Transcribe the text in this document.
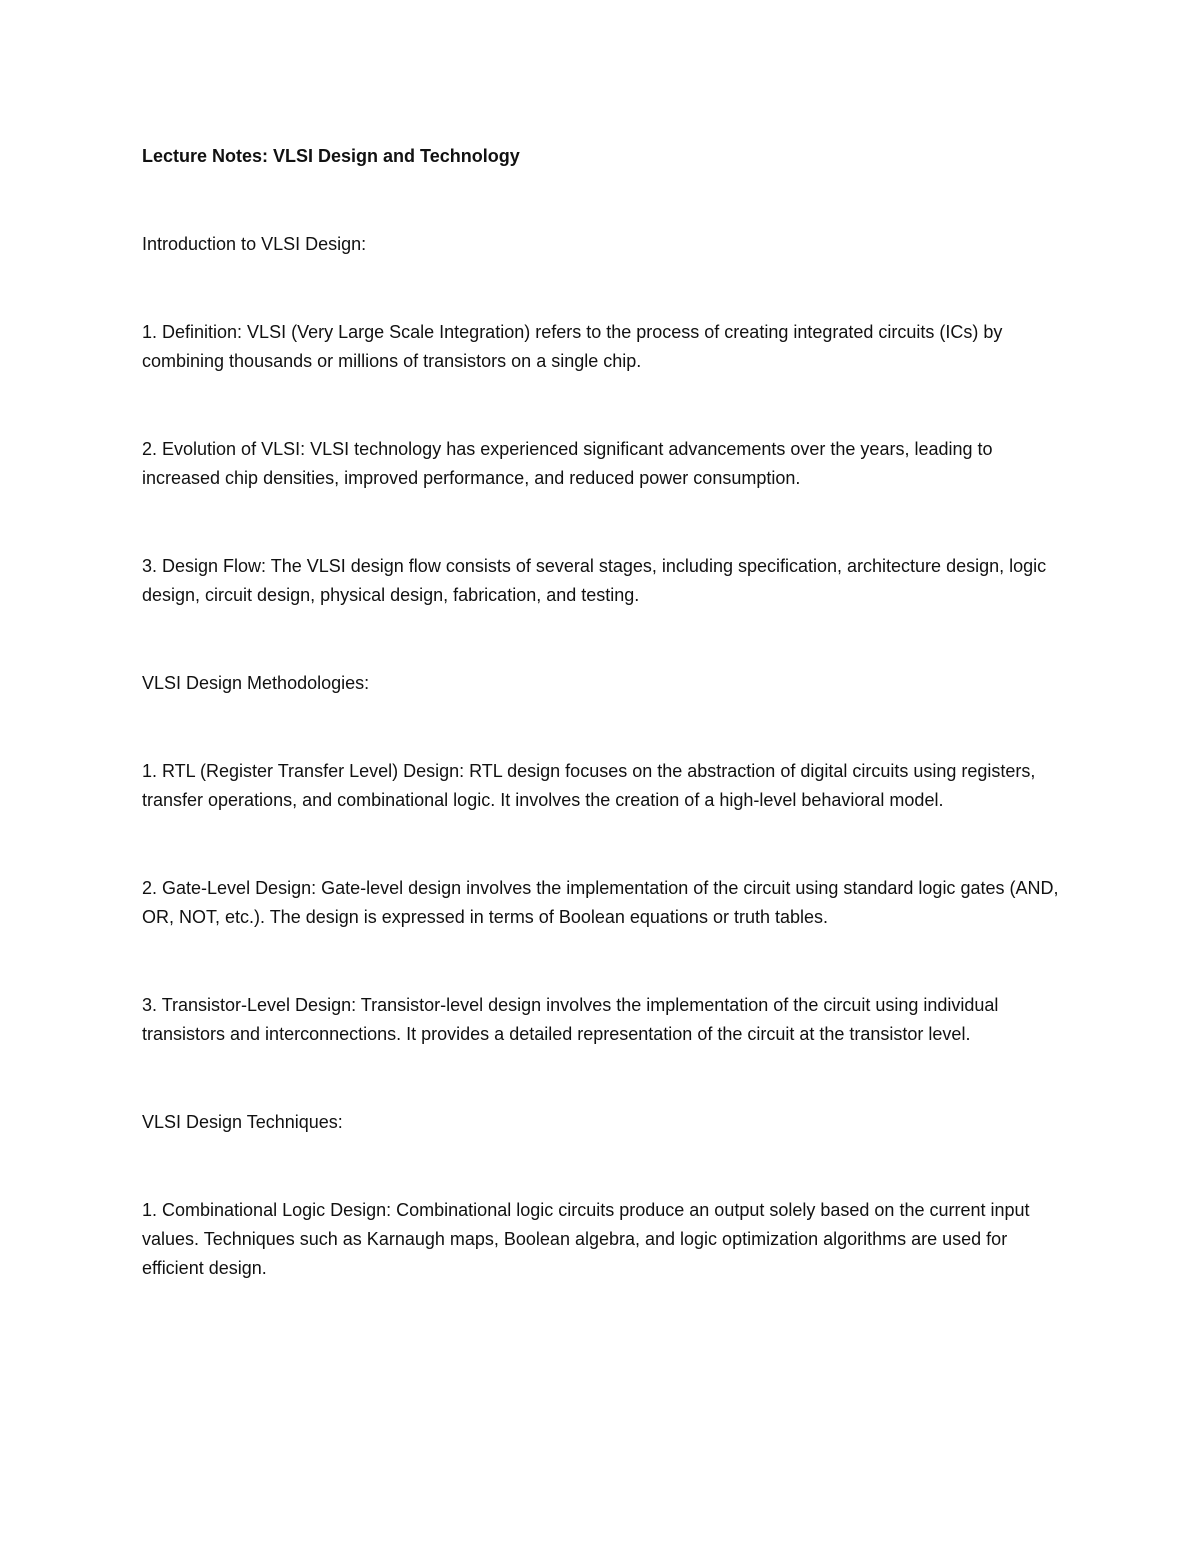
Lecture Notes: VLSI Design and Technology

Introduction to VLSI Design:

1. Definition: VLSI (Very Large Scale Integration) refers to the process of creating integrated circuits (ICs) by combining thousands or millions of transistors on a single chip.

2. Evolution of VLSI: VLSI technology has experienced significant advancements over the years, leading to increased chip densities, improved performance, and reduced power consumption.

3. Design Flow: The VLSI design flow consists of several stages, including specification, architecture design, logic design, circuit design, physical design, fabrication, and testing.

VLSI Design Methodologies:

1. RTL (Register Transfer Level) Design: RTL design focuses on the abstraction of digital circuits using registers, transfer operations, and combinational logic. It involves the creation of a high-level behavioral model.

2. Gate-Level Design: Gate-level design involves the implementation of the circuit using standard logic gates (AND, OR, NOT, etc.). The design is expressed in terms of Boolean equations or truth tables.

3. Transistor-Level Design: Transistor-level design involves the implementation of the circuit using individual transistors and interconnections. It provides a detailed representation of the circuit at the transistor level.

VLSI Design Techniques:

1. Combinational Logic Design: Combinational logic circuits produce an output solely based on the current input values. Techniques such as Karnaugh maps, Boolean algebra, and logic optimization algorithms are used for efficient design.
